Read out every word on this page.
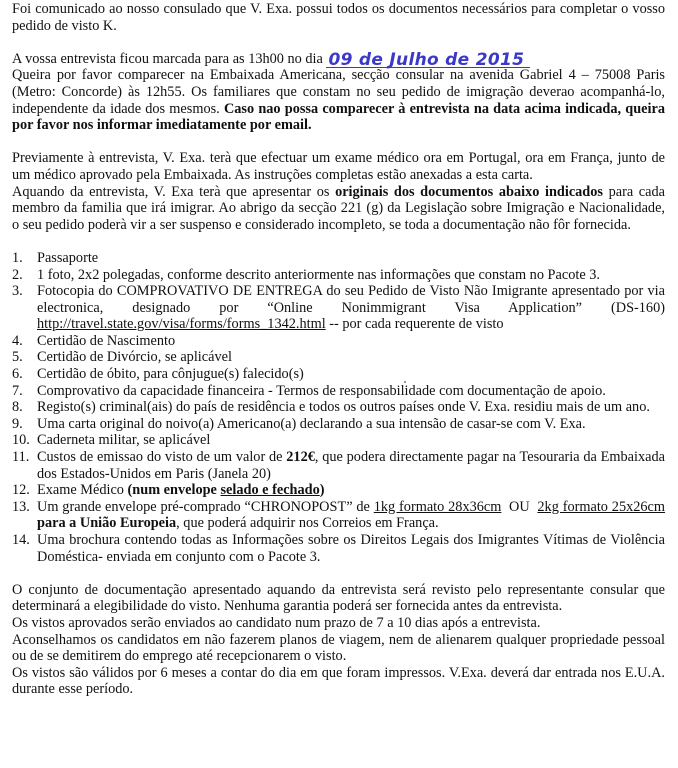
Foi comunicado ao nosso consulado que V. Exa. possui todos os documentos necessários para completar o vosso pedido de visto K.

A vossa entrevista ficou marcada para as 13h00 no dia 09 de Julho de 2015

Queira por favor comparecer na Embaixada Americana, secção consular na avenida Gabriel 4 – 75008 Paris (Metro: Concorde) às 12h55. Os familiares que constam no seu pedido de imigração deverao acompanhá-lo, independente da idade dos mesmos. Caso nao possa comparecer à entrevista na data acima indicada, queira por favor nos informar imediatamente por email.

Previamente à entrevista, V. Exa. terà que efectuar um exame médico ora em Portugal, ora em França, junto de um médico aprovado pela Embaixada. As instruções completas estão anexadas a esta carta.

Aquando da entrevista, V. Exa terà que apresentar os originais dos documentos abaixo indicados para cada membro da familia que irá imigrar. Ao abrigo da secção 221 (g) da Legislação sobre Imigração e Nacionalidade, o seu pedido poderà vir a ser suspenso e considerado incompleto, se toda a documentação não fôr fornecida.

1. Passaporte
2. 1 foto, 2x2 polegadas, conforme descrito anteriormente nas informações que constam no Pacote 3.
3. Fotocopia do COMPROVATIVO DE ENTREGA do seu Pedido de Visto Não Imigrante apresentado por via electronica, designado por “Online Nonimmigrant Visa Application” (DS-160) http://travel.state.gov/visa/forms/forms_1342.html -- por cada requerente de visto
4. Certidão de Nascimento
5. Certidão de Divórcio, se aplicável
6. Certidão de óbito, para cônjugue(s) falecido(s)
7. Comprovativo da capacidade financeira - Termos de responsabilidade com documentação de apoio.
8. Registo(s) criminal(ais) do país de residência e todos os outros países onde V. Exa. residiu mais de um ano.
9. Uma carta original do noivo(a) Americano(a) declarando a sua intensão de casar-se com V. Exa.
10. Caderneta militar, se aplicável
11. Custos de emissao do visto de um valor de 212€, que podera directamente pagar na Tesouraria da Embaixada dos Estados-Unidos em Paris (Janela 20)
12. Exame Médico (num envelope selado e fechado)
13. Um grande envelope pré-comprado “CHRONOPOST” de 1kg formato 28x36cm  OU  2kg formato 25x26cm para a União Europeia, que poderá adquirir nos Correios em França.
14. Uma brochura contendo todas as Informações sobre os Direitos Legais dos Imigrantes Vítimas de Violência Doméstica- enviada em conjunto com o Pacote 3.

O conjunto de documentação apresentado aquando da entrevista será revisto pelo representante consular que determinará a elegibilidade do visto. Nenhuma garantia poderá ser fornecida antes da entrevista.

Os vistos aprovados serão enviados ao candidato num prazo de 7 a 10 dias após a entrevista.

Aconselhamos os candidatos em não fazerem planos de viagem, nem de alienarem qualquer propriedade pessoal ou de se demitirem do emprego até recepcionarem o visto.

Os vistos são válidos por 6 meses a contar do dia em que foram impressos. V.Exa. deverá dar entrada nos E.U.A. durante esse período.
